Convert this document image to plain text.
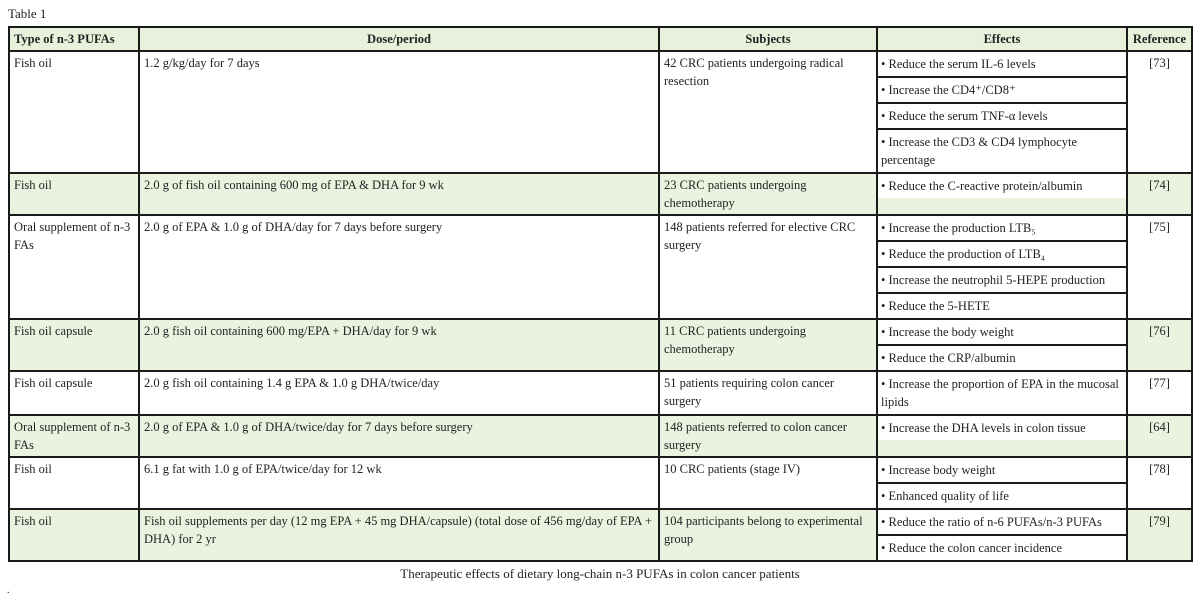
Table 1
Type of n-3 PUFAs	Dose/period	Subjects	Effects	Reference
Fish oil	1.2 g/kg/day for 7 days	42 CRC patients undergoing radical resection	• Reduce the serum IL-6 levels
• Increase the CD4⁺/CD8⁺
• Reduce the serum TNF-α levels
• Increase the CD3 & CD4 lymphocyte percentage	[73]
Fish oil	2.0 g of fish oil containing 600 mg of EPA & DHA for 9 wk	23 CRC patients undergoing chemotherapy	• Reduce the C-reactive protein/albumin	[74]
Oral supplement of n-3 FAs	2.0 g of EPA & 1.0 g of DHA/day for 7 days before surgery	148 patients referred for elective CRC surgery	• Increase the production LTB₅
• Reduce the production of LTB₄
• Increase the neutrophil 5-HEPE production
• Reduce the 5-HETE	[75]
Fish oil capsule	2.0 g fish oil containing 600 mg/EPA + DHA/day for 9 wk	11 CRC patients undergoing chemotherapy	• Increase the body weight
• Reduce the CRP/albumin	[76]
Fish oil capsule	2.0 g fish oil containing 1.4 g EPA & 1.0 g DHA/twice/day	51 patients requiring colon cancer surgery	• Increase the proportion of EPA in the mucosal lipids	[77]
Oral supplement of n-3 FAs	2.0 g of EPA & 1.0 g of DHA/twice/day for 7 days before surgery	148 patients referred to colon cancer surgery	• Increase the DHA levels in colon tissue	[64]
Fish oil	6.1 g fat with 1.0 g of EPA/twice/day for 12 wk	10 CRC patients (stage IV)	• Increase body weight
• Enhanced quality of life	[78]
Fish oil	Fish oil supplements per day (12 mg EPA + 45 mg DHA/capsule) (total dose of 456 mg/day of EPA + DHA) for 2 yr	104 participants belong to experimental group	• Reduce the ratio of n-6 PUFAs/n-3 PUFAs
• Reduce the colon cancer incidence	[79]
Therapeutic effects of dietary long-chain n-3 PUFAs in colon cancer patients
.
